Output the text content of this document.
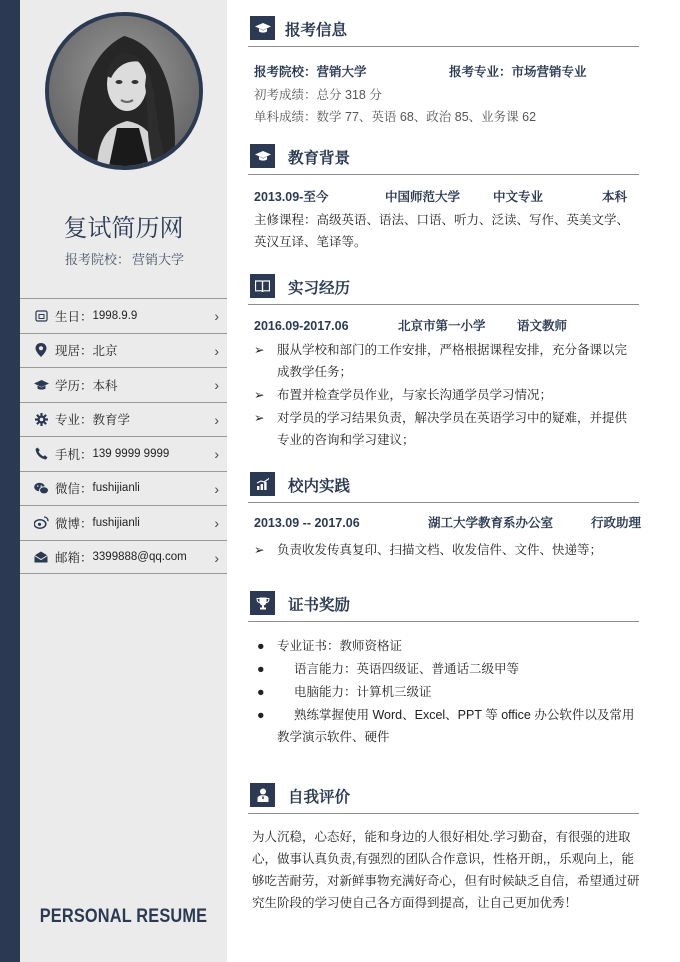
复试简历网
报考院校： 营销大学
生日： 1998.9.9	›
现居： 北京	›
学历： 本科	›
专业： 教育学	›
手机： 139 9999 9999	›
微信： fushijianli	›
微博： fushijianli	›
邮箱： 3399888@qq.com ›
PERSONAL RESUME
报考信息
报考院校：营销大学	报考专业：市场营销专业
初考成绩：总分 318 分
单科成绩：数学 77、英语 68、政治 85、业务课 62
教育背景
2013.09-至今	中国师范大学	中文专业	本科
主修课程：高级英语、语法、口语、听力、泛读、写作、英美文学、英汉互译、笔译等。
实习经历
2016.09-2017.06	北京市第一小学	语文教师
➢	服从学校和部门的工作安排，严格根据课程安排，充分备课以完成教学任务；
➢	布置并检查学员作业，与家长沟通学员学习情况；
➢	对学员的学习结果负责，解决学员在英语学习中的疑难，并提供专业的咨询和学习建议；
校内实践
2013.09 -- 2017.06	湖工大学教育系办公室	行政助理
➢	负责收发传真复印、扫描文档、收发信件、文件、快递等；
证书奖励
● 专业证书：教师资格证
●	语言能力：英语四级证、普通话二级甲等
●	电脑能力：计算机三级证
● 熟练掌握使用 Word、Excel、PPT 等 office 办公软件以及常用教学演示软件、硬件
自我评价
为人沉稳，心态好，能和身边的人很好相处.学习勤奋，有很强的进取心，做事认真负责,有强烈的团队合作意识，性格开朗,，乐观向上，能够吃苦耐劳，对新鲜事物充满好奇心，但有时候缺乏自信，希望通过研究生阶段的学习使自己各方面得到提高，让自己更加优秀！
